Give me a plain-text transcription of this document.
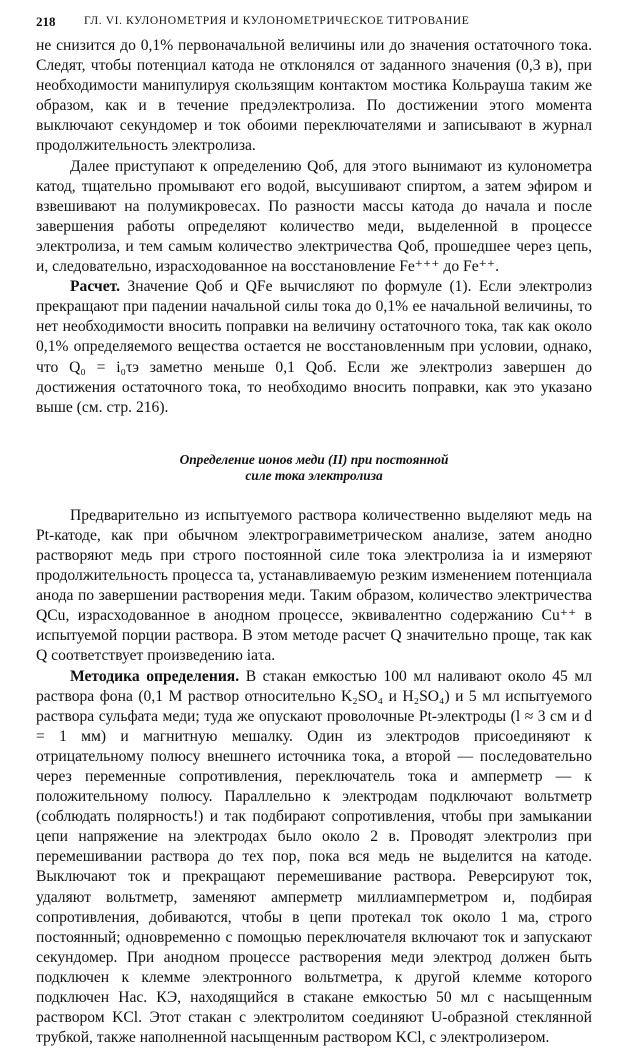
218 ГЛ. VI. КУЛОНОМЕТРИЯ И КУЛОНОМЕТРИЧЕСКОЕ ТИТРОВАНИЕ

не снизится до 0,1% первоначальной величины или до значения остаточного тока. Следят, чтобы потенциал катода не отклонялся от заданного значения (0,3 в), при необходимости манипулируя скользящим контактом мостика Кольрауша таким же образом, как и в течение предэлектролиза. По достижении этого момента выключают секундомер и ток обоими переключателями и записывают в журнал продолжительность электролиза.

Далее приступают к определению Qоб, для этого вынимают из кулонометра катод, тщательно промывают его водой, высушивают спиртом, а затем эфиром и взвешивают на полумикровесах. По разности массы катода до начала и после завершения работы определяют количество меди, выделенной в процессе электролиза, и тем самым количество электричества Qоб, прошедшее через цепь, и, следовательно, израсходованное на восстановление Fe⁺⁺⁺ до Fe⁺⁺.

Расчет. Значение Qоб и QFe вычисляют по формуле (1). Если электролиз прекращают при падении начальной силы тока до 0,1% ее начальной величины, то нет необходимости вносить поправки на величину остаточного тока, так как около 0,1% определяемого вещества остается не восстановленным при условии, однако, что Q₀ = i₀τэ заметно меньше 0,1 Qоб. Если же электролиз завершен до достижения остаточного тока, то необходимо вносить поправки, как это указано выше (см. стр. 216).

Определение ионов меди (II) при постоянной
силе тока электролиза

Предварительно из испытуемого раствора количественно выделяют медь на Pt-катоде, как при обычном электрогравиметрическом анализе, затем анодно растворяют медь при строго постоянной силе тока электролиза iа и измеряют продолжительность процесса τа, устанавливаемую резким изменением потенциала анода по завершении растворения меди. Таким образом, количество электричества QCu, израсходованное в анодном процессе, эквивалентно содержанию Cu⁺⁺ в испытуемой порции раствора. В этом методе расчет Q значительно проще, так как Q соответствует произведению iаτа.

Методика определения. В стакан емкостью 100 мл наливают около 45 мл раствора фона (0,1 М раствор относительно K₂SO₄ и H₂SO₄) и 5 мл испытуемого раствора сульфата меди; туда же опускают проволочные Pt-электроды (l ≈ 3 см и d = 1 мм) и магнитную мешалку. Один из электродов присоединяют к отрицательному полюсу внешнего источника тока, а второй — последовательно через переменные сопротивления, переключатель тока и амперметр — к положительному полюсу. Параллельно к электродам подключают вольтметр (соблюдать полярность!) и так подбирают сопротивления, чтобы при замыкании цепи напряжение на электродах было около 2 в. Проводят электролиз при перемешивании раствора до тех пор, пока вся медь не выделится на катоде. Выключают ток и прекращают перемешивание раствора. Реверсируют ток, удаляют вольтметр, заменяют амперметр миллиамперметром и, подбирая сопротивления, добиваются, чтобы в цепи протекал ток около 1 ма, строго постоянный; одновременно с помощью переключателя включают ток и запускают секундомер. При анодном процессе растворения меди электрод должен быть подключен к клемме электронного вольтметра, к другой клемме которого подключен Нас. КЭ, находящийся в стакане емкостью 50 мл с насыщенным раствором KCl. Этот стакан с электролитом соединяют U-образной стеклянной трубкой, также наполненной насыщенным раствором KCl, с электролизером.
